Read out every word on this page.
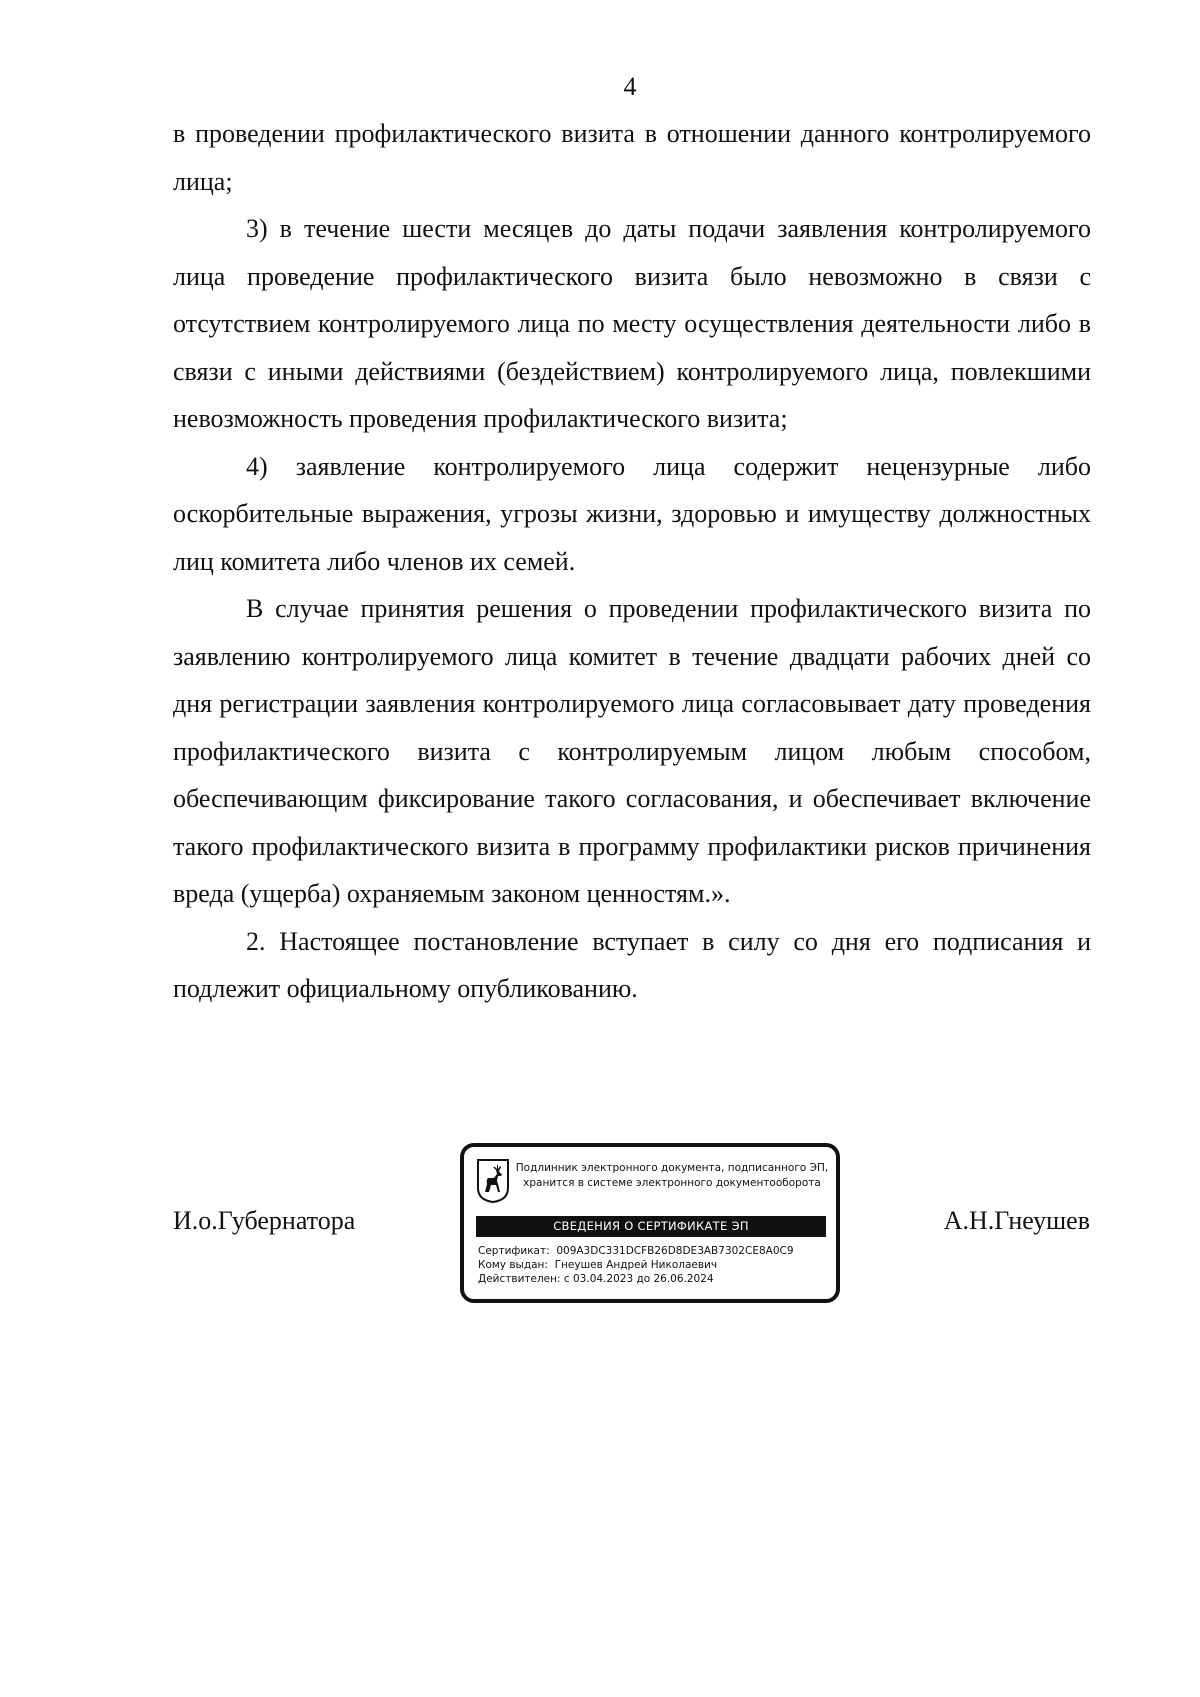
4

в проведении профилактического визита в отношении данного контролируемого лица;

3) в течение шести месяцев до даты подачи заявления контролируемого лица проведение профилактического визита было невозможно в связи с отсутствием контролируемого лица по месту осуществления деятельности либо в связи с иными действиями (бездействием) контролируемого лица, повлекшими невозможность проведения профилактического визита;

4) заявление контролируемого лица содержит нецензурные либо оскорбительные выражения, угрозы жизни, здоровью и имуществу должностных лиц комитета либо членов их семей.

В случае принятия решения о проведении профилактического визита по заявлению контролируемого лица комитет в течение двадцати рабочих дней со дня регистрации заявления контролируемого лица согласовывает дату проведения профилактического визита с контролируемым лицом любым способом, обеспечивающим фиксирование такого согласования, и обеспечивает включение такого профилактического визита в программу профилактики рисков причинения вреда (ущерба) охраняемым законом ценностям.».

2. Настоящее постановление вступает в силу со дня его подписания и подлежит официальному опубликованию.

И.о.Губернатора
Подлинник электронного документа, подписанного ЭП,
хранится в системе электронного документооборота
СВЕДЕНИЯ О СЕРТИФИКАТЕ ЭП
Сертификат: 009A3DC331DCFB26D8DE3AB7302CE8A0C9
Кому выдан: Гнеушев Андрей Николаевич
Действителен: с 03.04.2023 до 26.06.2024
А.Н.Гнеушев
